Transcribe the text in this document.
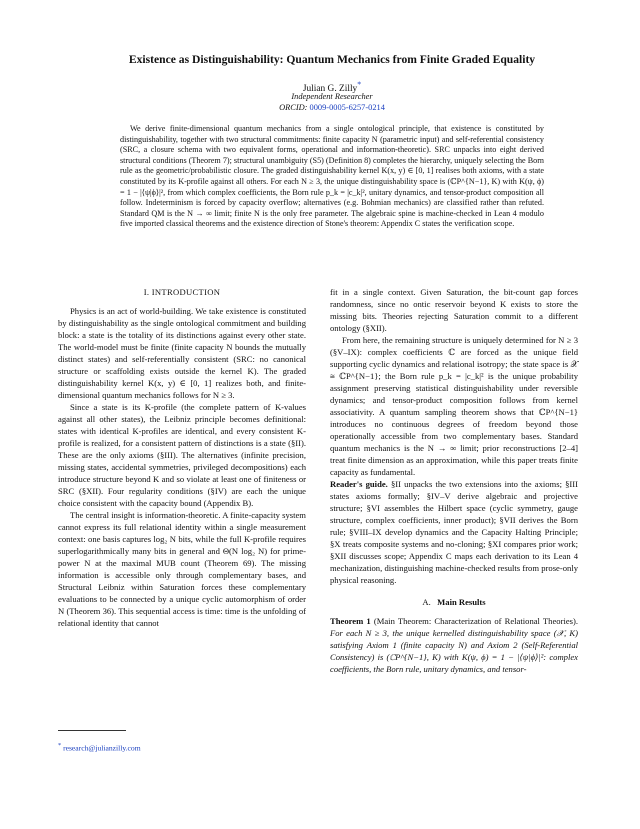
Existence as Distinguishability: Quantum Mechanics from Finite Graded Equality
Julian G. Zilly*
Independent Researcher
ORCID: 0009-0005-6257-0214

We derive finite-dimensional quantum mechanics from a single ontological principle, that existence is constituted by distinguishability, together with two structural commitments: finite capacity N (parametric input) and self-referential consistency (SRC, a closure schema with two equivalent forms, operational and information-theoretic). SRC unpacks into eight derived structural conditions (Theorem 7); structural unambiguity (S5) (Definition 8) completes the hierarchy, uniquely selecting the Born rule as the geometric/probabilistic closure. The graded distinguishability kernel K(x, y) ∈ [0, 1] realises both axioms, with a state constituted by its K-profile against all others. For each N ≥ 3, the unique distinguishability space is (ℂP^{N−1}, K) with K(ψ, ϕ) = 1 − |⟨ψ|ϕ⟩|², from which complex coefficients, the Born rule p_k = |c_k|², unitary dynamics, and tensor-product composition all follow. Indeterminism is forced by capacity overflow; alternatives (e.g. Bohmian mechanics) are classified rather than refuted. Standard QM is the N → ∞ limit; finite N is the only free parameter. The algebraic spine is machine-checked in Lean 4 modulo five imported classical theorems and the existence direction of Stone's theorem: Appendix C states the verification scope.

I. INTRODUCTION

Physics is an act of world-building. We take existence is constituted by distinguishability as the single ontological commitment and building block: a state is the totality of its distinctions against every other state. The world-model must be finite (finite capacity N bounds the mutually distinct states) and self-referentially consistent (SRC: no canonical structure or scaffolding exists outside the kernel K). The graded distinguishability kernel K(x, y) ∈ [0, 1] realizes both, and finite-dimensional quantum mechanics follows for N ≥ 3.

Since a state is its K-profile (the complete pattern of K-values against all other states), the Leibniz principle becomes definitional: states with identical K-profiles are identical, and every consistent K-profile is realized, for a consistent pattern of distinctions is a state (§II). These are the only axioms (§III). The alternatives (infinite precision, missing states, accidental symmetries, privileged decompositions) each introduce structure beyond K and so violate at least one of finiteness or SRC (§XII). Four regularity conditions (§IV) are each the unique choice consistent with the capacity bound (Appendix B).

The central insight is information-theoretic. A finite-capacity system cannot express its full relational identity within a single measurement context: one basis captures log₂ N bits, while the full K-profile requires superlogarithmically many bits in general and Θ(N log₂ N) for prime-power N at the maximal MUB count (Theorem 69). The missing information is accessible only through complementary bases, and Structural Leibniz within Saturation forces these complementary evaluations to be connected by a unique cyclic automorphism of order N (Theorem 36). This sequential access is time: time is the unfolding of relational identity that cannot

fit in a single context. Given Saturation, the bit-count gap forces randomness, since no ontic reservoir beyond K exists to store the missing bits. Theories rejecting Saturation commit to a different ontology (§XII).

From here, the remaining structure is uniquely determined for N ≥ 3 (§V–IX): complex coefficients ℂ are forced as the unique field supporting cyclic dynamics and relational isotropy; the state space is 𝒳 ≅ ℂP^{N−1}; the Born rule p_k = |c_k|² is the unique probability assignment preserving statistical distinguishability under reversible dynamics; and tensor-product composition follows from kernel associativity. A quantum sampling theorem shows that ℂP^{N−1} introduces no continuous degrees of freedom beyond those operationally accessible from two complementary bases. Standard quantum mechanics is the N → ∞ limit; prior reconstructions [2–4] treat finite dimension as an approximation, while this paper treats finite capacity as fundamental.

Reader's guide. §II unpacks the two extensions into the axioms; §III states axioms formally; §IV–V derive algebraic and projective structure; §VI assembles the Hilbert space (cyclic symmetry, gauge structure, complex coefficients, inner product); §VII derives the Born rule; §VIII–IX develop dynamics and the Capacity Halting Principle; §X treats composite systems and no-cloning; §XI compares prior work; §XII discusses scope; Appendix C maps each derivation to its Lean 4 mechanization, distinguishing machine-checked results from prose-only physical reasoning.

A. Main Results

Theorem 1 (Main Theorem: Characterization of Relational Theories). For each N ≥ 3, the unique kernelled distinguishability space (𝒳, K) satisfying Axiom 1 (finite capacity N) and Axiom 2 (Self-Referential Consistency) is (ℂP^{N−1}, K) with K(ψ, ϕ) = 1 − |⟨ψ|ϕ⟩|²: complex coefficients, the Born rule, unitary dynamics, and tensor-

* research@julianzilly.com
